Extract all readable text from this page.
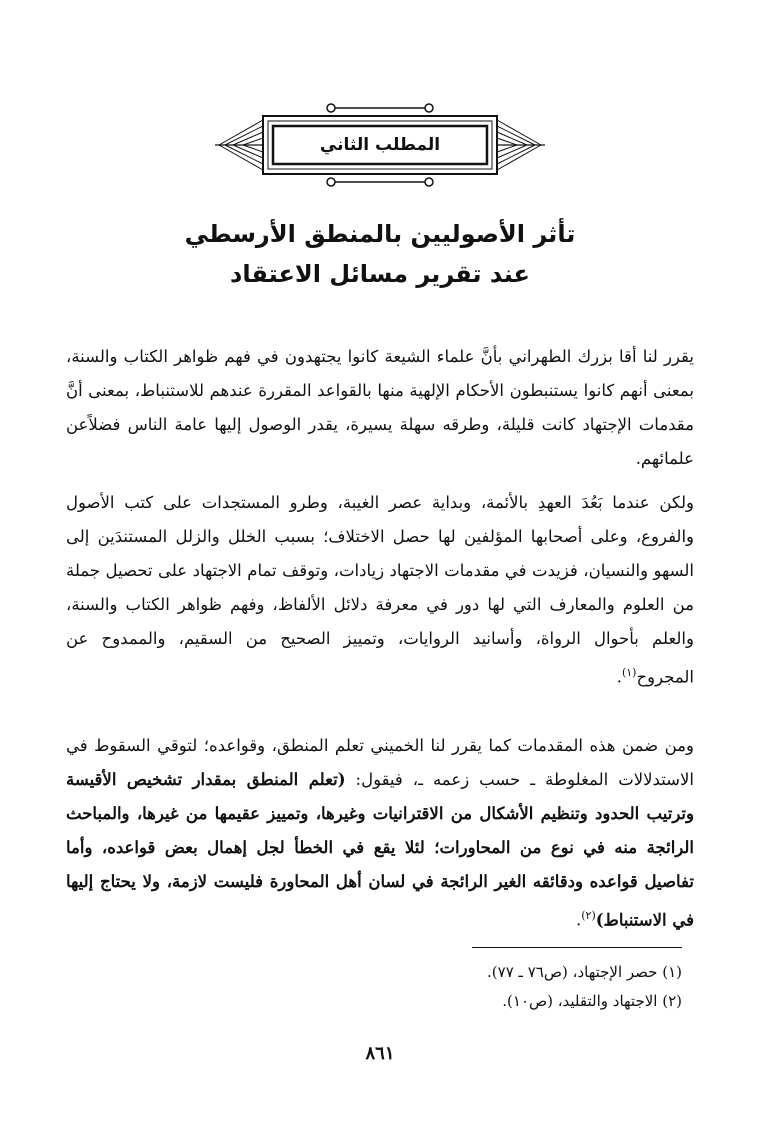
المطلب الثاني
تأثر الأصوليين بالمنطق الأرسطي
عند تقرير مسائل الاعتقاد
يقرر لنا أقا بزرك الطهراني بأنَّ علماء الشيعة كانوا يجتهدون في فهم ظواهر الكتاب والسنة، بمعنى أنهم كانوا يستنبطون الأحكام الإلهية منها بالقواعد المقررة عندهم للاستنباط، بمعنى أنَّ مقدمات الإجتهاد كانت قليلة، وطرقه سهلة يسيرة، يقدر الوصول إليها عامة الناس فضلاًعن علمائهم.
ولكن عندما بَعُدَ العهدِ بالأئمة، وبداية عصر الغيبة، وطرو المستجدات على كتب الأصول والفروع، وعلى أصحابها المؤلفين لها حصل الاختلاف؛ بسبب الخلل والزلل المستندَين إلى السهو والنسيان، فزيدت في مقدمات الاجتهاد زيادات، وتوقف تمام الاجتهاد على تحصيل جملة من العلوم والمعارف التي لها دور في معرفة دلائل الألفاظ، وفهم ظواهر الكتاب والسنة، والعلم بأحوال الرواة، وأسانيد الروايات، وتمييز الصحيح من السقيم، والممدوح عن المجروح$^{(١)}$.
ومن ضمن هذه المقدمات كما يقرر لنا الخميني تعلم المنطق، وقواعده؛ لتوقي السقوط في الاستدلالات المغلوطة ـ حسب زعمه ـ، فيقول: (تعلم المنطق بمقدار تشخيص الأقيسة وترتيب الحدود وتنظيم الأشكال من الاقترانيات وغيرها، وتمييز عقيمها من غيرها، والمباحث الرائجة منه في نوع من المحاورات؛ لئلا يقع في الخطأ لجل إهمال بعض قواعده، وأما تفاصيل قواعده ودقائقه الغير الرائجة في لسان أهل المحاورة فليست لازمة، ولا يحتاج إليها في الاستنباط)$^{(٢)}$.
(١) حصر الإجتهاد، (ص٧٦ ـ ٧٧).
(٢) الاجتهاد والتقليد، (ص١٠).
٨٦١
